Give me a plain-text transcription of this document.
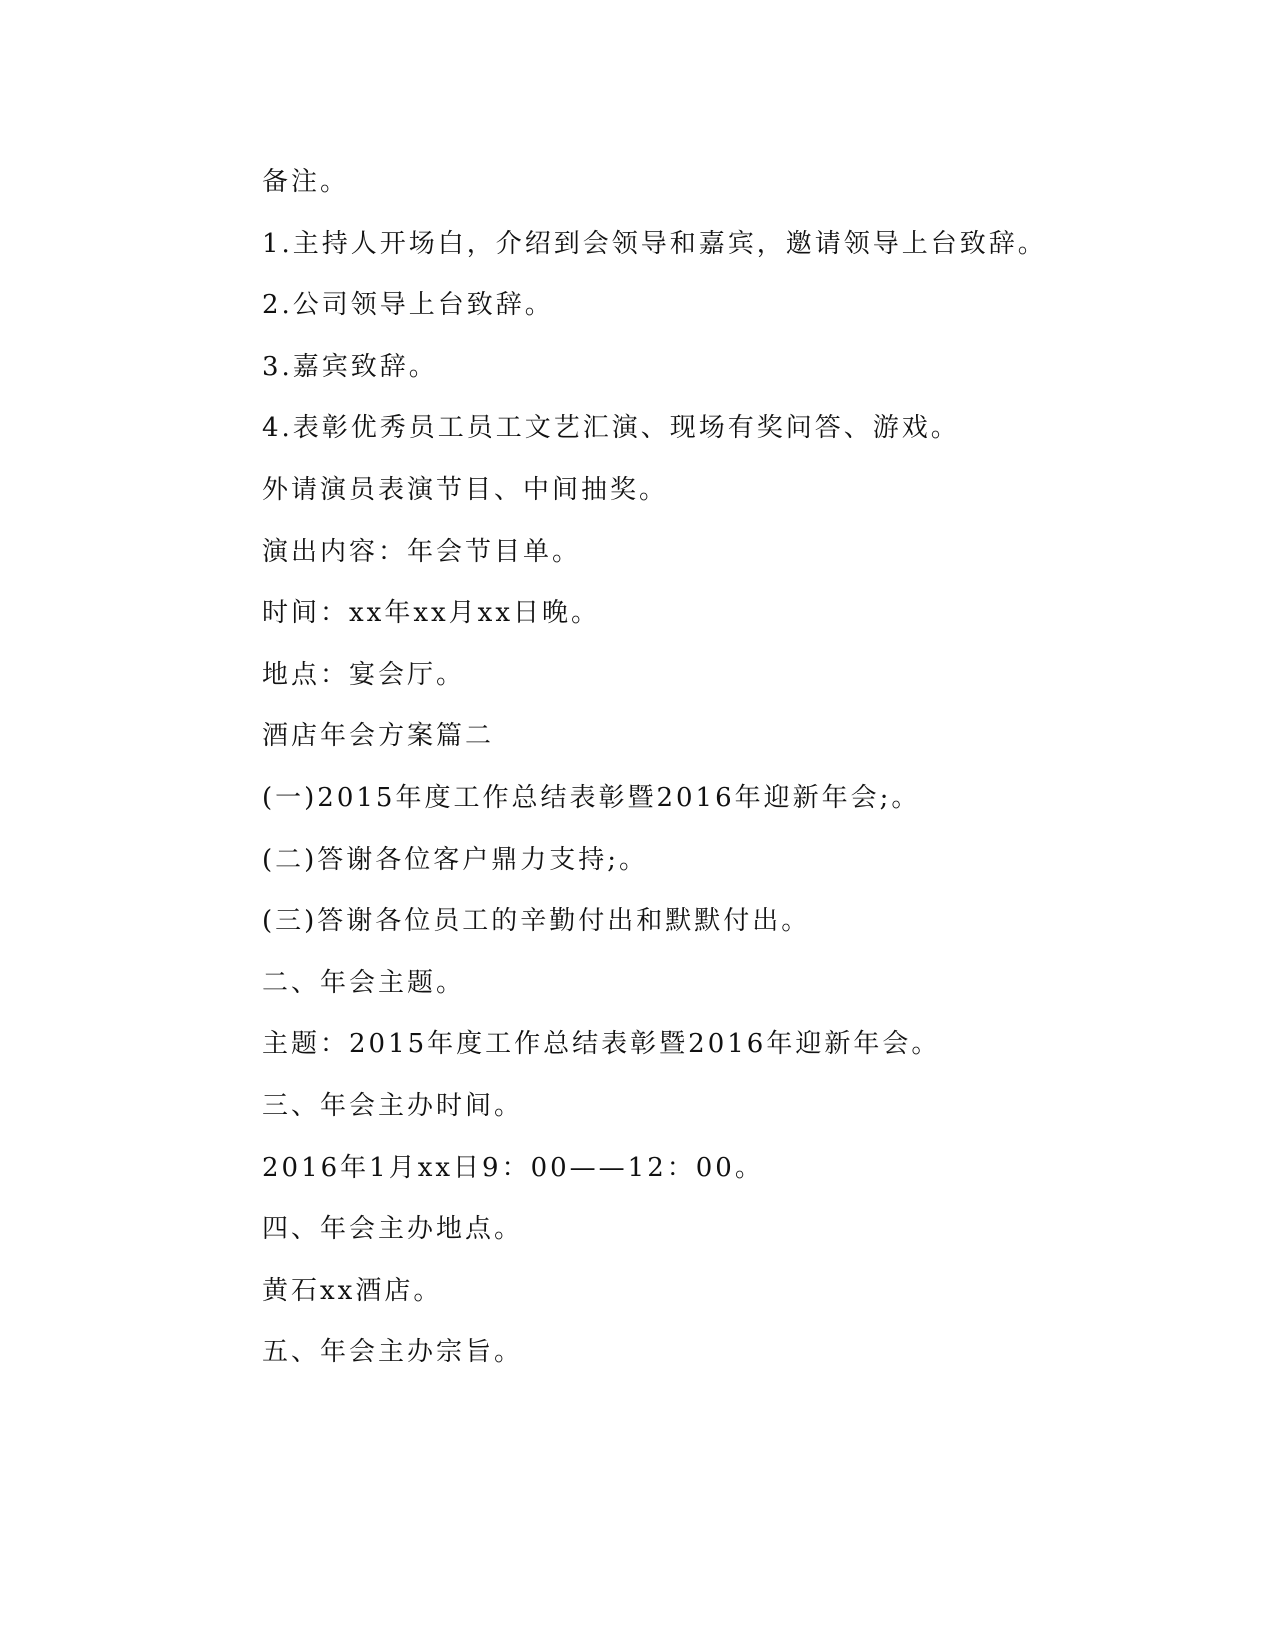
备注。

1.主持人开场白，介绍到会领导和嘉宾，邀请领导上台致辞。

2.公司领导上台致辞。

3.嘉宾致辞。

4.表彰优秀员工员工文艺汇演、现场有奖问答、游戏。

外请演员表演节目、中间抽奖。

演出内容：年会节目单。

时间：xx年xx月xx日晚。

地点：宴会厅。

酒店年会方案篇二

(一)2015年度工作总结表彰暨2016年迎新年会;。

(二)答谢各位客户鼎力支持;。

(三)答谢各位员工的辛勤付出和默默付出。

二、年会主题。

主题：2015年度工作总结表彰暨2016年迎新年会。

三、年会主办时间。

2016年1月xx日9：00——12：00。

四、年会主办地点。

黄石xx酒店。

五、年会主办宗旨。
